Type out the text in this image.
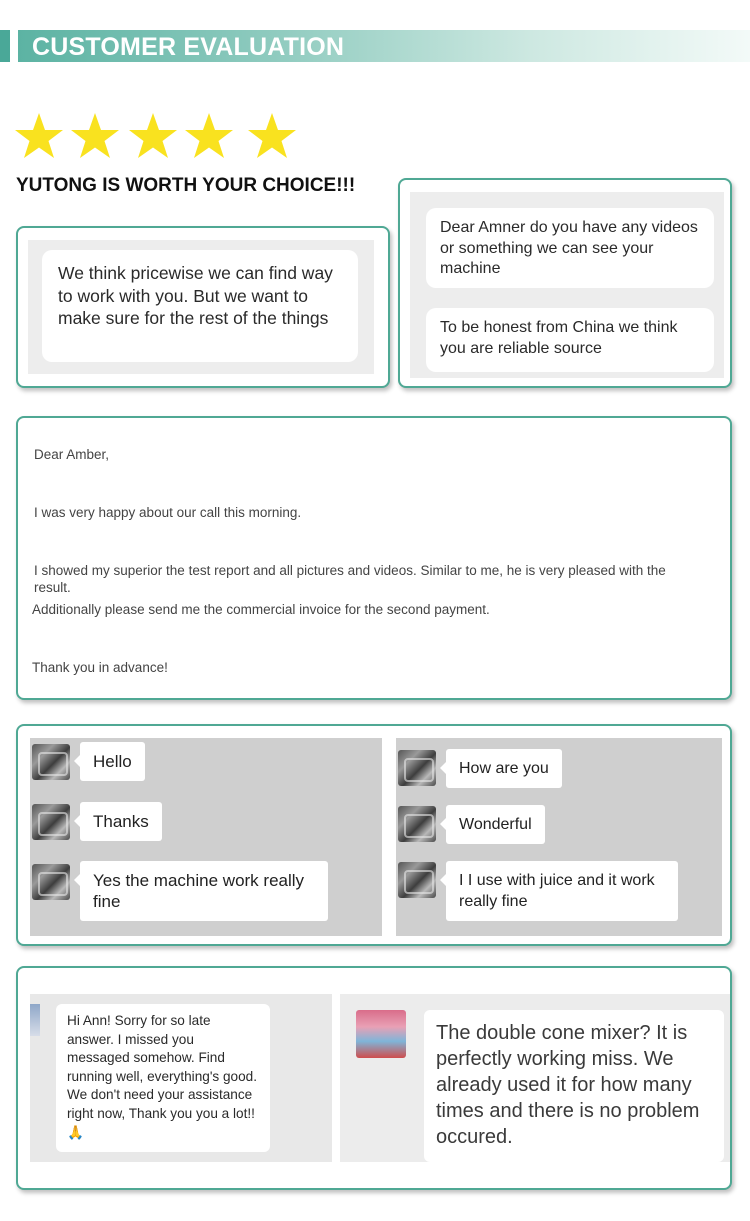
CUSTOMER EVALUATION
YUTONG IS WORTH YOUR CHOICE!!!
We think pricewise we can find way to work with you. But we want to make sure for the rest of the things
Dear Amner do you have any videos or something we can see your machine
To be honest from China we think you are reliable source
Dear Amber,
I was very happy about our call this morning.
I showed my superior the test report and all pictures and videos. Similar to me, he is very pleased with the
result.
Additionally please send me the commercial invoice for the second payment.
Thank you in advance!
Hello
Thanks
Yes the machine work really fine
How are you
Wonderful
I I use with juice and it work really fine
Hi Ann! Sorry for so late answer. I missed you messaged somehow. Find running well, everything's good. We don't need your assistance right now, Thank you you a lot!! 🙏
The double cone mixer? It is perfectly working miss. We already used it for how many times and there is no problem occured.
